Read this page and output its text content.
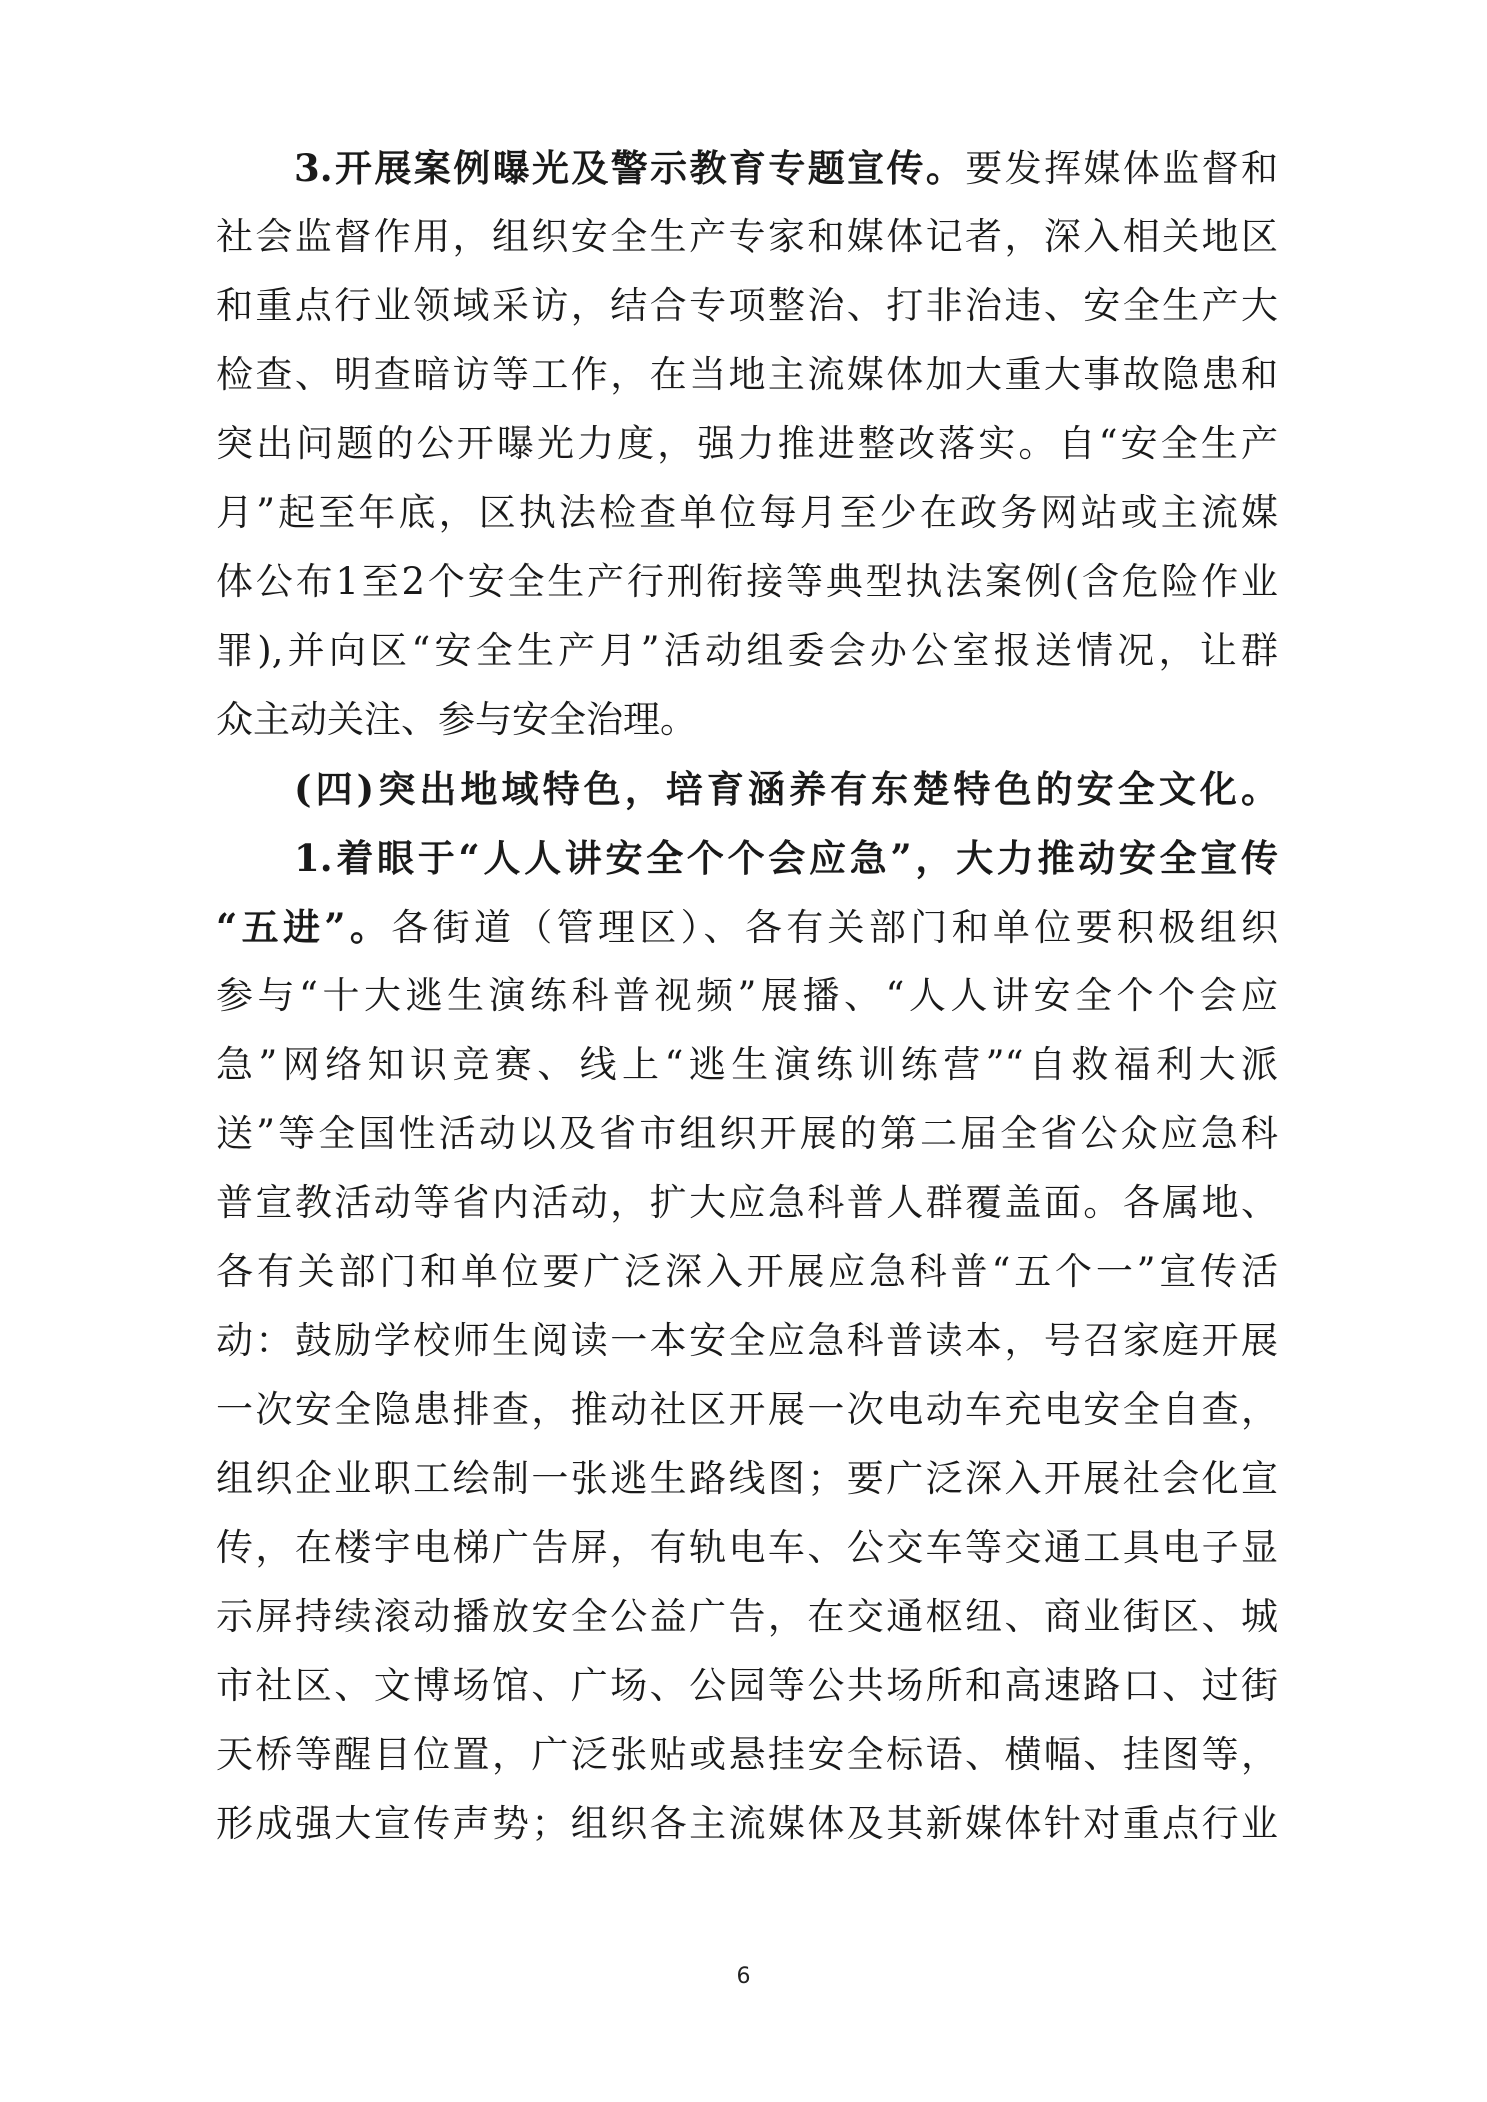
3.开展案例曝光及警示教育专题宣传。要发挥媒体监督和
社会监督作用，组织安全生产专家和媒体记者，深入相关地区
和重点行业领域采访，结合专项整治、打非治违、安全生产大
检查、明查暗访等工作，在当地主流媒体加大重大事故隐患和
突出问题的公开曝光力度，强力推进整改落实。自“安全生产
月”起至年底，区执法检查单位每月至少在政务网站或主流媒
体公布1至2个安全生产行刑衔接等典型执法案例(含危险作业
罪),并向区“安全生产月”活动组委会办公室报送情况，让群
众主动关注、参与安全治理。
(四)突出地域特色，培育涵养有东楚特色的安全文化。
1.着眼于“人人讲安全个个会应急”，大力推动安全宣传
“五进”。各街道（管理区）、各有关部门和单位要积极组织
参与“十大逃生演练科普视频”展播、“人人讲安全个个会应
急”网络知识竞赛、线上“逃生演练训练营”“自救福利大派
送”等全国性活动以及省市组织开展的第二届全省公众应急科
普宣教活动等省内活动，扩大应急科普人群覆盖面。各属地、
各有关部门和单位要广泛深入开展应急科普“五个一”宣传活
动：鼓励学校师生阅读一本安全应急科普读本，号召家庭开展
一次安全隐患排查，推动社区开展一次电动车充电安全自查，
组织企业职工绘制一张逃生路线图；要广泛深入开展社会化宣
传，在楼宇电梯广告屏，有轨电车、公交车等交通工具电子显
示屏持续滚动播放安全公益广告，在交通枢纽、商业街区、城
市社区、文博场馆、广场、公园等公共场所和高速路口、过街
天桥等醒目位置，广泛张贴或悬挂安全标语、横幅、挂图等，
形成强大宣传声势；组织各主流媒体及其新媒体针对重点行业
6
